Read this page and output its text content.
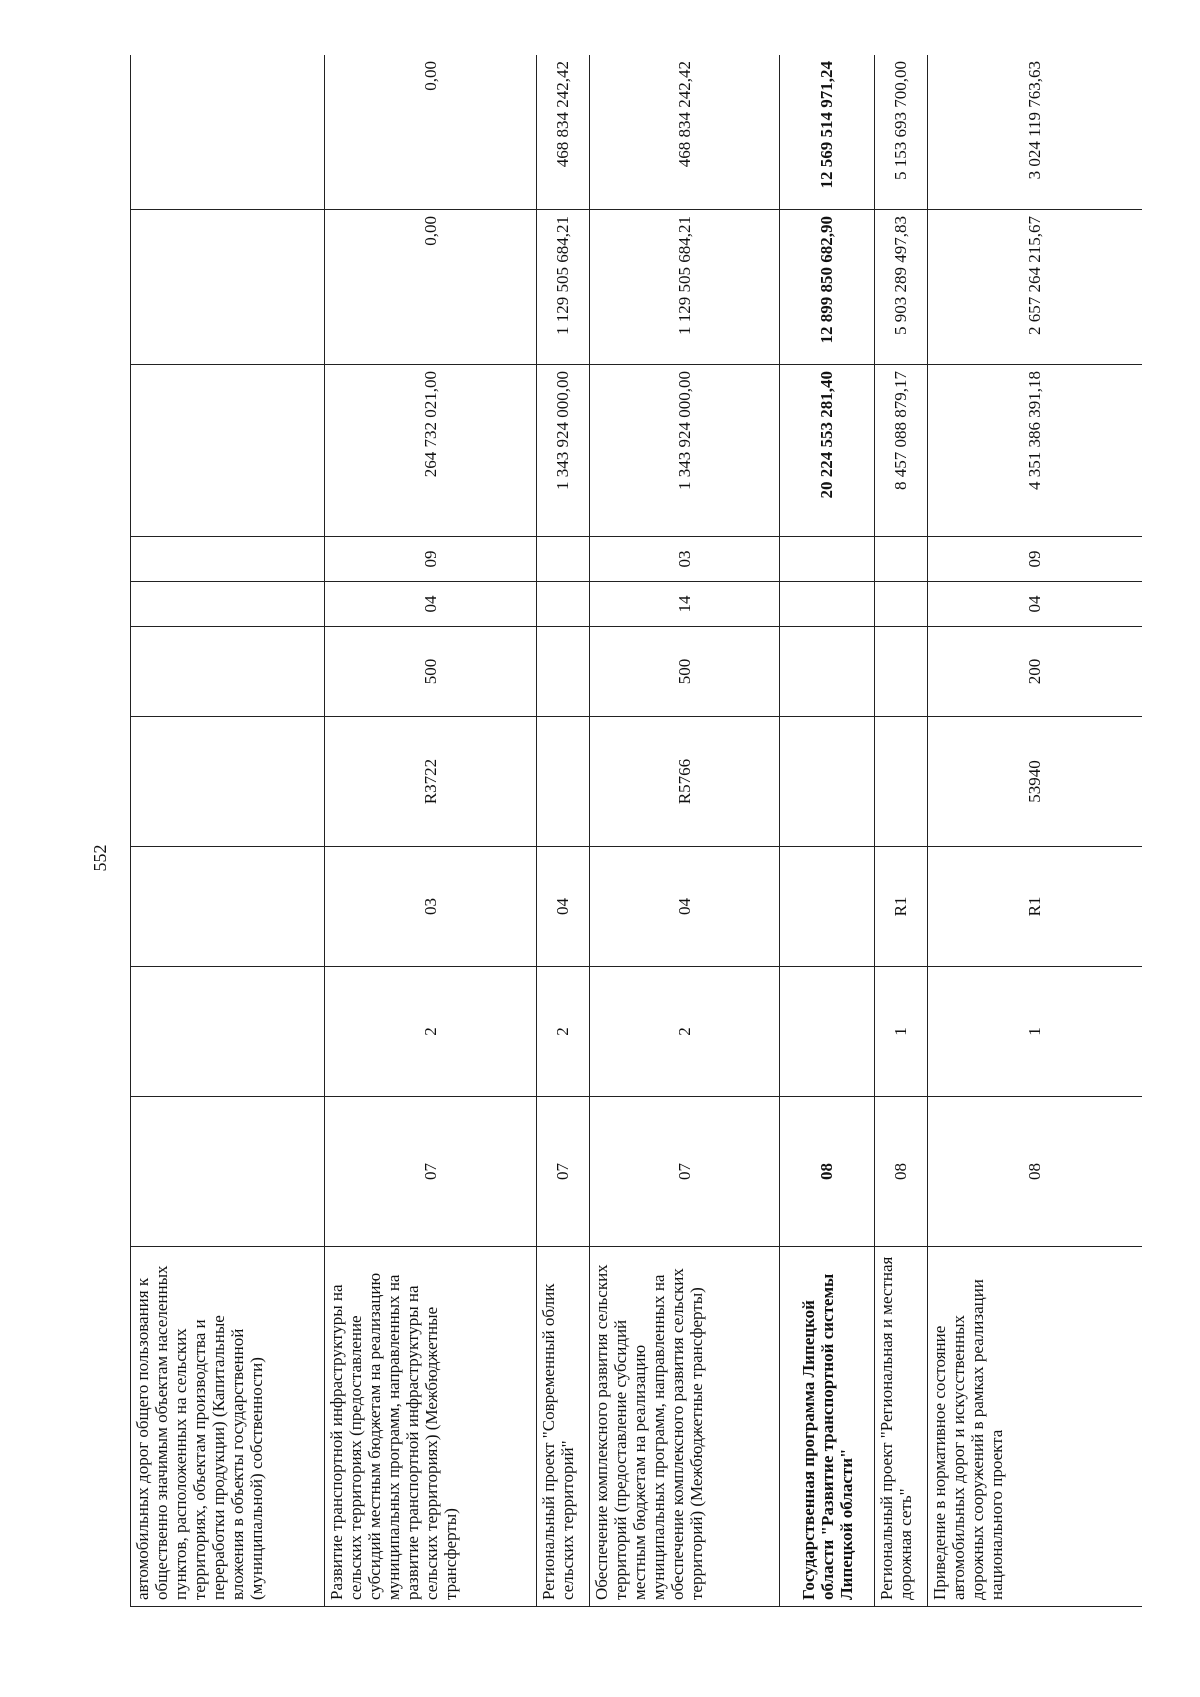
552
автомобильных дорог общего пользования к общественно значимым объектам населенных пунктов, расположенных на сельских территориях, объектам производства и переработки продукции) (Капитальные вложения в объекты государственной (муниципальной) собственности)										
Развитие транспортной инфраструктуры на сельских территориях (предоставление субсидий местным бюджетам на реализацию муниципальных программ, направленных на развитие транспортной инфраструктуры на сельских территориях) (Межбюджетные трансферты)	07	2	03	R3722	500	04	09	264 732 021,00	0,00	0,00
Региональный проект "Современный облик сельских территорий"	07	2	04					1 343 924 000,00	1 129 505 684,21	468 834 242,42
Обеспечение комплексного развития сельских территорий (предоставление субсидий местным бюджетам на реализацию муниципальных программ, направленных на обеспечение комплексного развития сельских территорий) (Межбюджетные трансферты)	07	2	04	R5766	500	14	03	1 343 924 000,00	1 129 505 684,21	468 834 242,42
Государственная программа Липецкой области "Развитие транспортной системы Липецкой области"	08							20 224 553 281,40	12 899 850 682,90	12 569 514 971,24
Региональный проект "Региональная и местная дорожная сеть"	08	1	R1					8 457 088 879,17	5 903 289 497,83	5 153 693 700,00
Приведение в нормативное состояние автомобильных дорог и искусственных дорожных сооружений в рамках реализации национального проекта	08	1	R1	53940	200	04	09	4 351 386 391,18	2 657 264 215,67	3 024 119 763,63
